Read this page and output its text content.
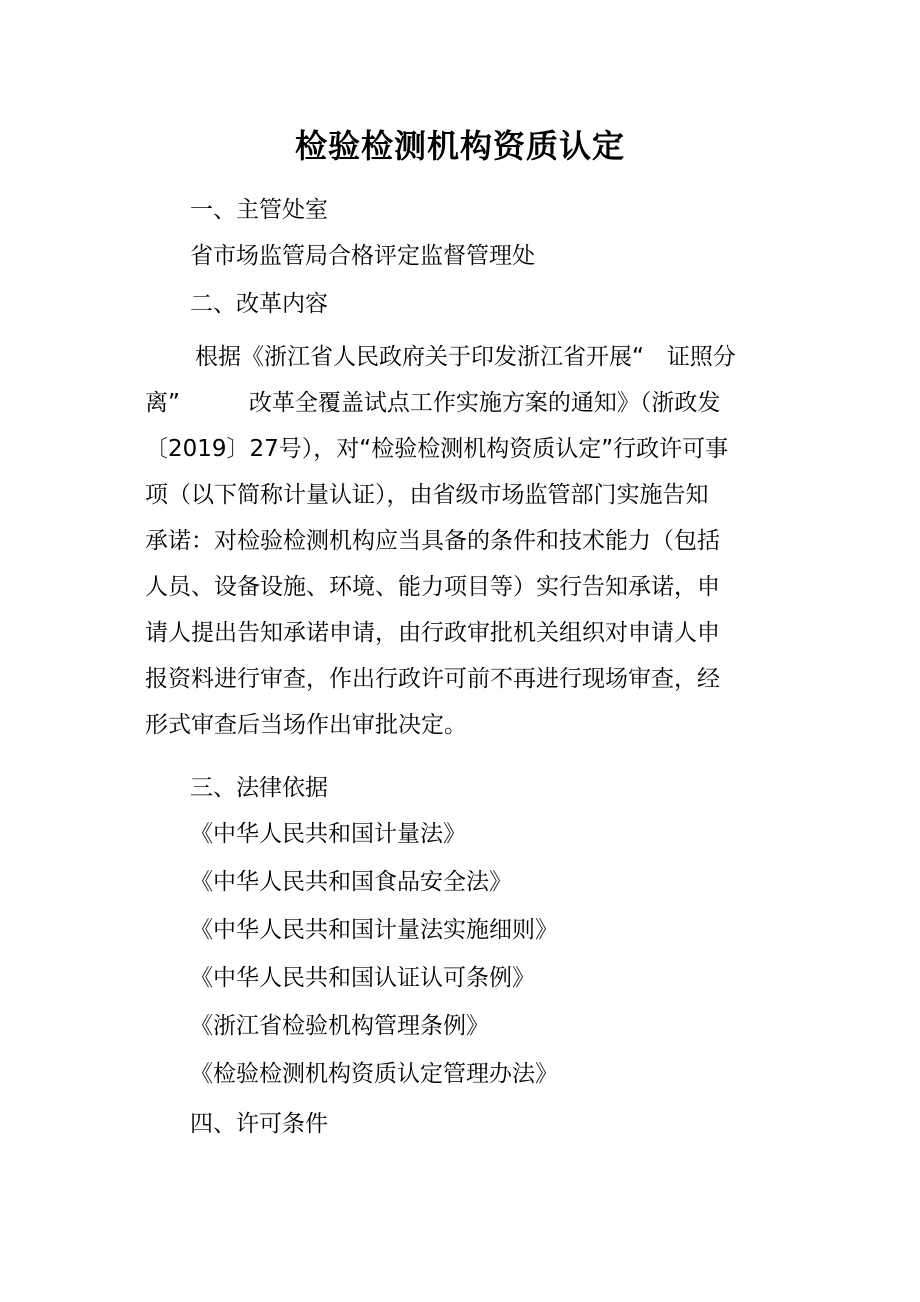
检验检测机构资质认定
一、主管处室
省市场监管局合格评定监督管理处
二、改革内容
根据《浙江省人民政府关于印发浙江省开展“　证照分
离”　　　改革全覆盖试点工作实施方案的通知》（浙政发
〔2019〕27号），对“检验检测机构资质认定”行政许可事
项（以下简称计量认证），由省级市场监管部门实施告知
承诺：对检验检测机构应当具备的条件和技术能力（包括
人员、设备设施、环境、能力项目等）实行告知承诺，申
请人提出告知承诺申请，由行政审批机关组织对申请人申
报资料进行审查，作出行政许可前不再进行现场审查，经
形式审查后当场作出审批决定。
三、法律依据
《中华人民共和国计量法》
《中华人民共和国食品安全法》
《中华人民共和国计量法实施细则》
《中华人民共和国认证认可条例》
《浙江省检验机构管理条例》
《检验检测机构资质认定管理办法》
四、许可条件
